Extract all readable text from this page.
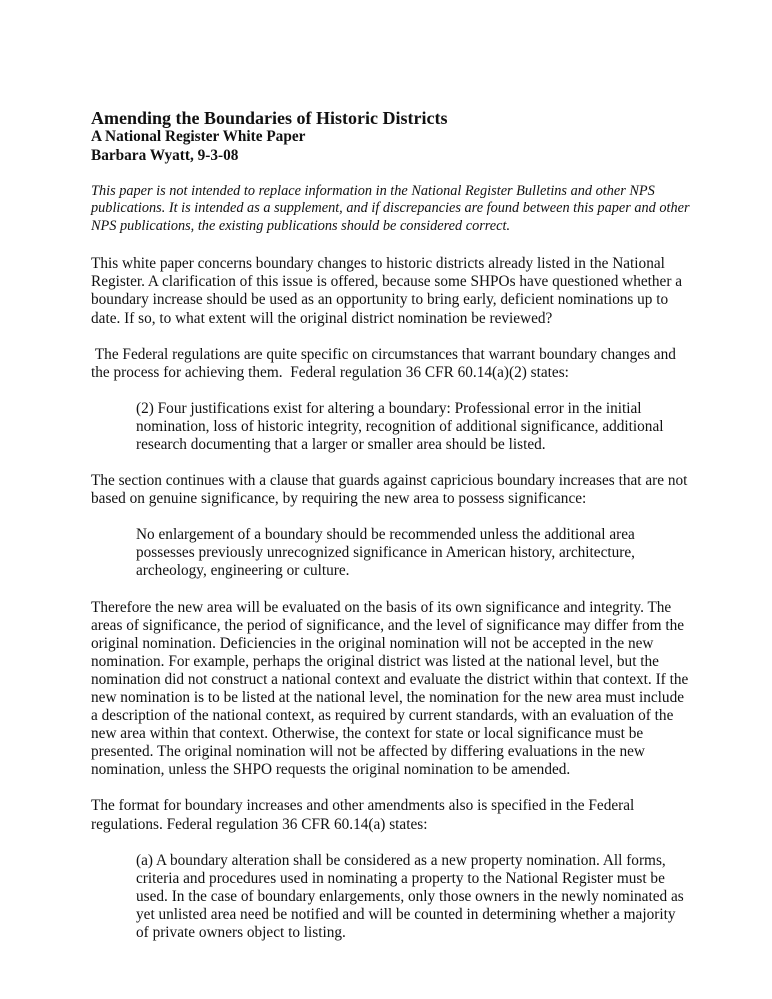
Amending the Boundaries of Historic Districts

A National Register White Paper

Barbara Wyatt, 9-3-08

This paper is not intended to replace information in the National Register Bulletins and other NPS publications. It is intended as a supplement, and if discrepancies are found between this paper and other NPS publications, the existing publications should be considered correct.

This white paper concerns boundary changes to historic districts already listed in the National Register. A clarification of this issue is offered, because some SHPOs have questioned whether a boundary increase should be used as an opportunity to bring early, deficient nominations up to date. If so, to what extent will the original district nomination be reviewed?

The Federal regulations are quite specific on circumstances that warrant boundary changes and the process for achieving them.  Federal regulation 36 CFR 60.14(a)(2) states:

(2) Four justifications exist for altering a boundary: Professional error in the initial nomination, loss of historic integrity, recognition of additional significance, additional research documenting that a larger or smaller area should be listed.

The section continues with a clause that guards against capricious boundary increases that are not based on genuine significance, by requiring the new area to possess significance:

No enlargement of a boundary should be recommended unless the additional area possesses previously unrecognized significance in American history, architecture, archeology, engineering or culture.

Therefore the new area will be evaluated on the basis of its own significance and integrity. The areas of significance, the period of significance, and the level of significance may differ from the original nomination. Deficiencies in the original nomination will not be accepted in the new nomination. For example, perhaps the original district was listed at the national level, but the nomination did not construct a national context and evaluate the district within that context. If the new nomination is to be listed at the national level, the nomination for the new area must include a description of the national context, as required by current standards, with an evaluation of the new area within that context. Otherwise, the context for state or local significance must be presented. The original nomination will not be affected by differing evaluations in the new nomination, unless the SHPO requests the original nomination to be amended.

The format for boundary increases and other amendments also is specified in the Federal regulations. Federal regulation 36 CFR 60.14(a) states:

(a) A boundary alteration shall be considered as a new property nomination. All forms, criteria and procedures used in nominating a property to the National Register must be used. In the case of boundary enlargements, only those owners in the newly nominated as yet unlisted area need be notified and will be counted in determining whether a majority of private owners object to listing.
